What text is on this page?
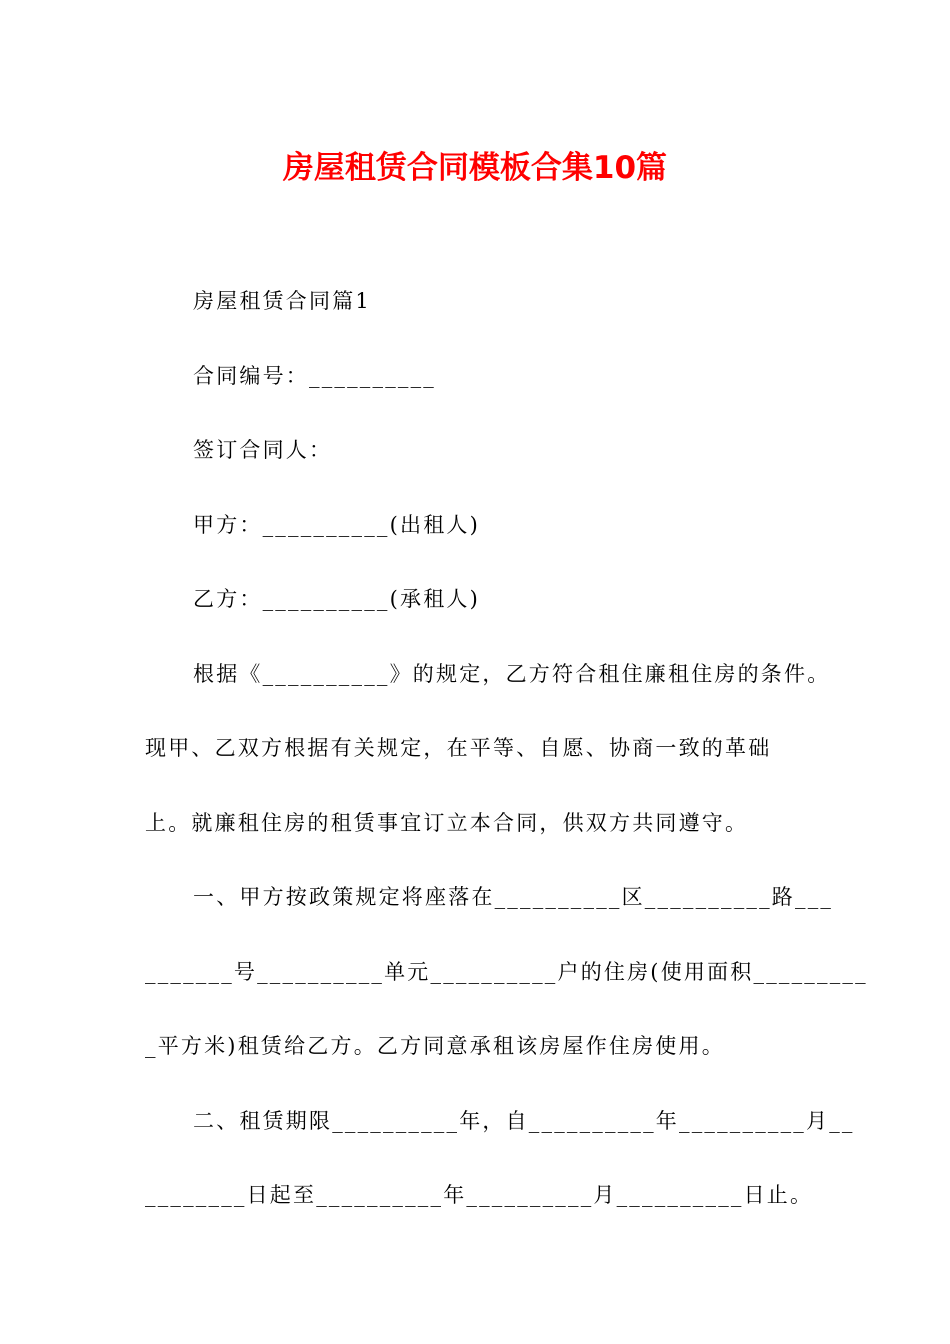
房屋租赁合同模板合集10篇

房屋租赁合同篇1

合同编号：__________

签订合同人：

甲方：__________(出租人)

乙方：__________(承租人)

根据《__________》的规定，乙方符合租住廉租住房的条件。

现甲、乙双方根据有关规定，在平等、自愿、协商一致的革础

上。就廉租住房的租赁事宜订立本合同，供双方共同遵守。

一、甲方按政策规定将座落在__________区__________路___

_______号__________单元__________户的住房(使用面积_________

_平方米)租赁给乙方。乙方同意承租该房屋作住房使用。

二、租赁期限__________年，自__________年__________月__

________日起至__________年__________月__________日止。
